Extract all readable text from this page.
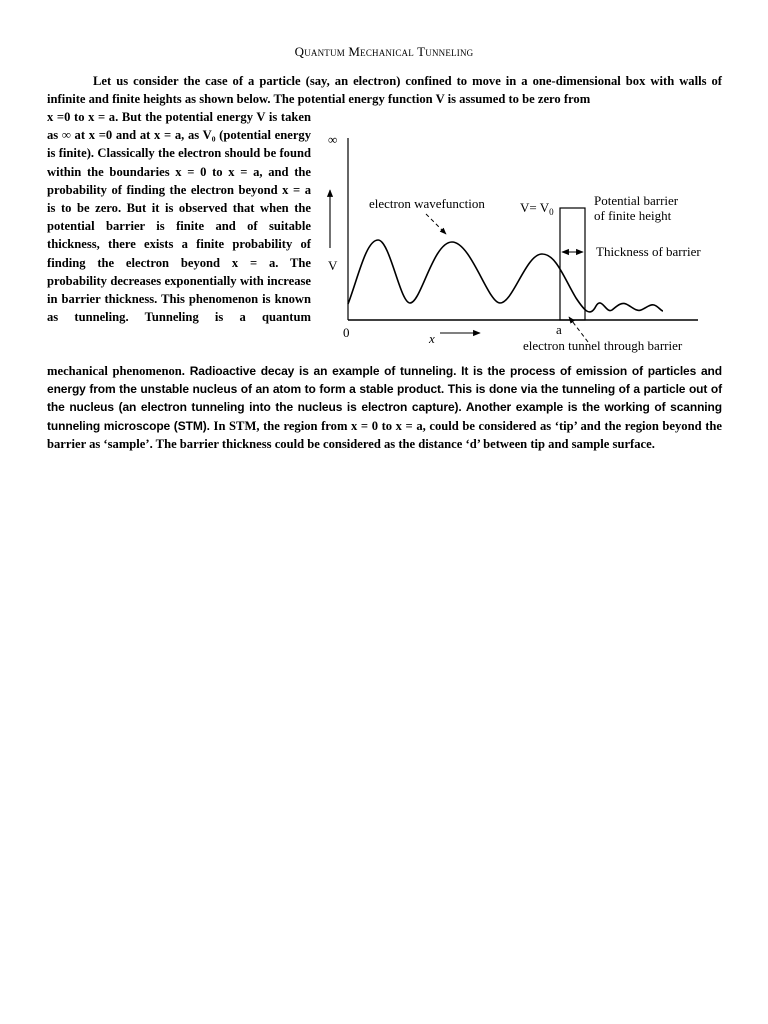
Quantum Mechanical Tunneling

Let us consider the case of a particle (say, an electron) confined to move in a one-dimensional box with walls of infinite and finite heights as shown below. The potential energy function V is assumed to be zero from

x =0 to x = a. But the potential energy V is taken as ∞ at x =0 and at x = a, as V₀ (potential energy is finite). Classically the electron should be found within the boundaries x = 0 to x = a, and the probability of finding the electron beyond x = a is to be zero. But it is observed that when the potential barrier is finite and of suitable thickness, there exists a finite probability of finding the electron beyond x = a. The probability decreases exponentially with increase in barrier thickness. This phenomenon is known as tunneling. Tunneling is a quantum

∞
V
0	x
a
electron wavefunction	$V= V_0$
Potential barrier
of finite height
Thickness of barrier
electron tunnel through barrier

mechanical phenomenon. Radioactive decay is an example of tunneling. It is the process of emission of particles and energy from the unstable nucleus of an atom to form a stable product. This is done via the tunneling of a particle out of the nucleus (an electron tunneling into the nucleus is electron capture). Another example is the working of scanning tunneling microscope (STM). In STM, the region from x = 0 to x = a, could be considered as ‘tip’ and the region beyond the barrier as ‘sample’. The barrier thickness could be considered as the distance ‘d’ between tip and sample surface.
